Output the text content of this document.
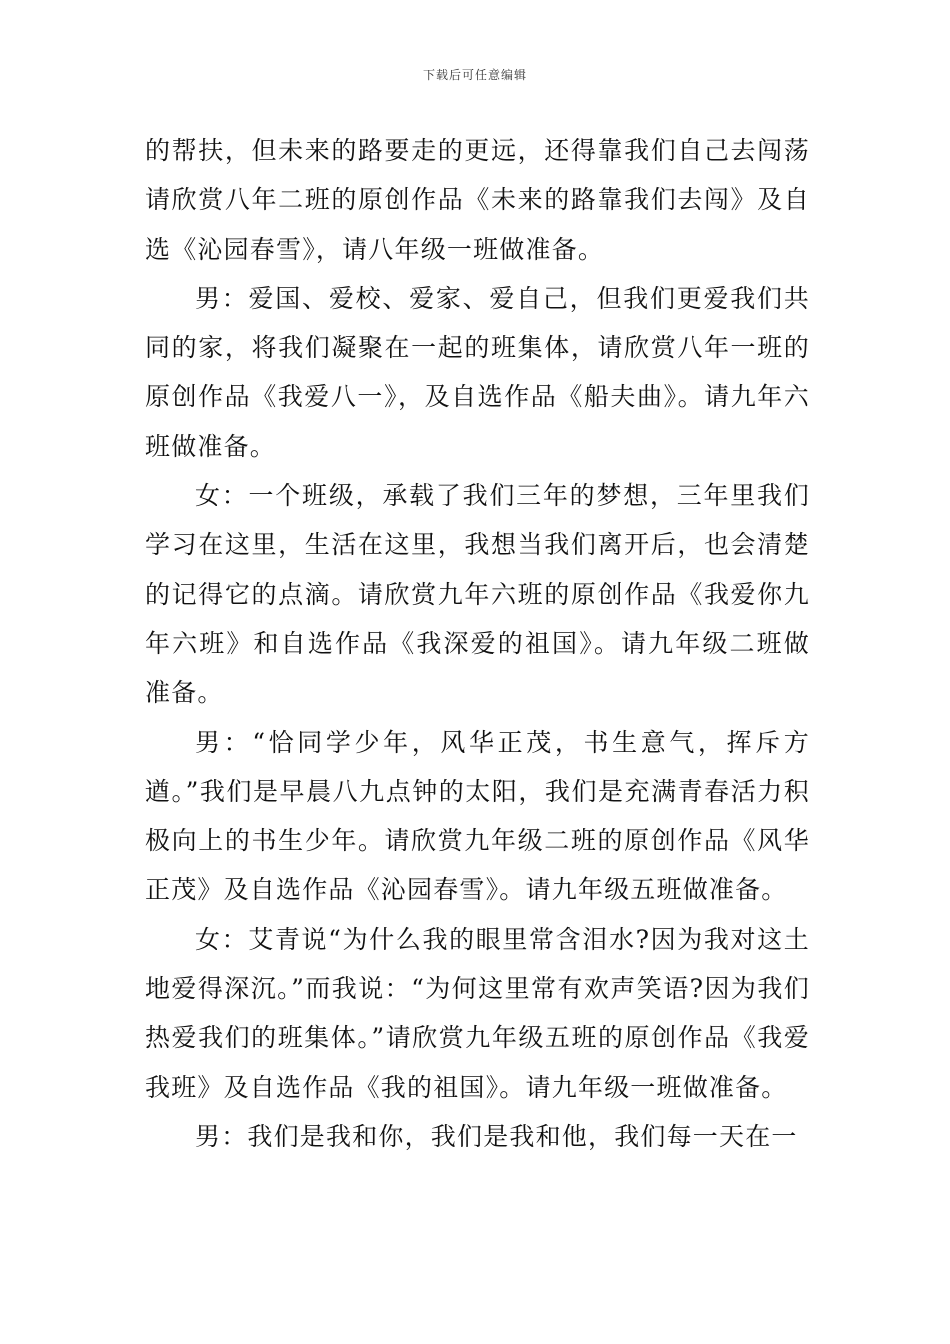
下载后可任意编辑

的帮扶，但未来的路要走的更远，还得靠我们自己去闯荡请欣赏八年二班的原创作品《未来的路靠我们去闯》及自选《沁园春雪》，请八年级一班做准备。

男：爱国、爱校、爱家、爱自己，但我们更爱我们共同的家，将我们凝聚在一起的班集体，请欣赏八年一班的原创作品《我爱八一》，及自选作品《船夫曲》。请九年六班做准备。

女：一个班级，承载了我们三年的梦想，三年里我们学习在这里，生活在这里，我想当我们离开后，也会清楚的记得它的点滴。请欣赏九年六班的原创作品《我爱你九年六班》和自选作品《我深爱的祖国》。请九年级二班做准备。

男：“恰同学少年，风华正茂，书生意气，挥斥方遒。”我们是早晨八九点钟的太阳，我们是充满青春活力积极向上的书生少年。请欣赏九年级二班的原创作品《风华正茂》及自选作品《沁园春雪》。请九年级五班做准备。

女：艾青说“为什么我的眼里常含泪水?因为我对这土地爱得深沉。”而我说：“为何这里常有欢声笑语?因为我们热爱我们的班集体。”请欣赏九年级五班的原创作品《我爱我班》及自选作品《我的祖国》。请九年级一班做准备。

男：我们是我和你，我们是我和他，我们每一天在一
